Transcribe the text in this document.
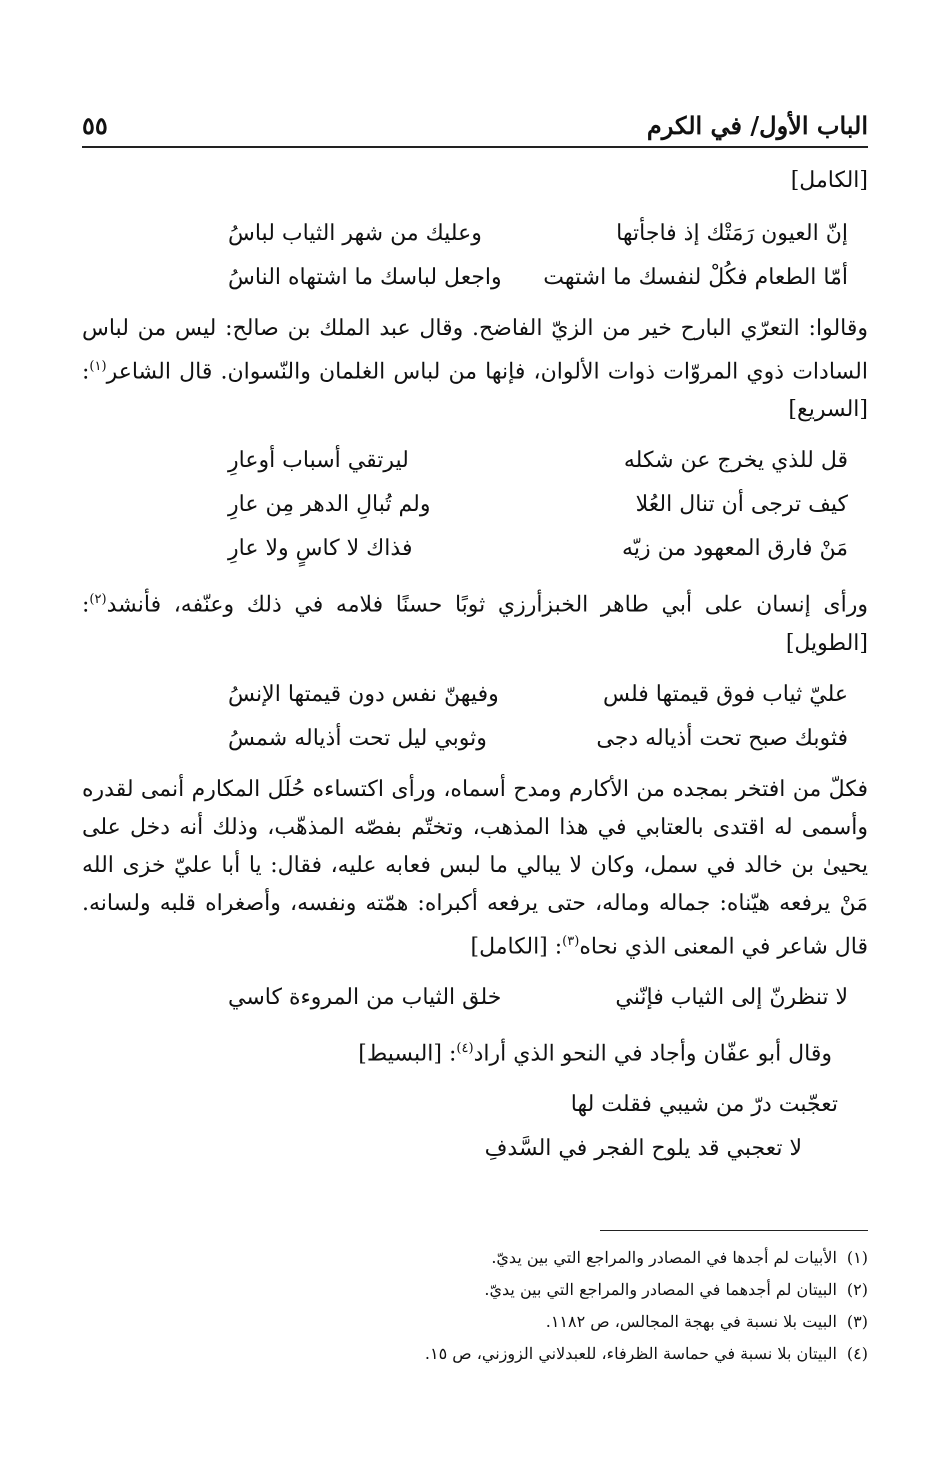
الباب الأول/ في الكرم
٥٥
[الكامل]
إنّ العيون رَمَتْك إذ فاجأتها
وعليك من شهر الثياب لباسُ
أمّا الطعام فكُلْ لنفسك ما اشتهت
واجعل لباسك ما اشتهاه الناسُ
وقالوا: التعرّي البارح خير من الزيّ الفاضح. وقال عبد الملك بن صالح: ليس من لباس السادات ذوي المروّات ذوات الألوان، فإنها من لباس الغلمان والنّسوان. قال الشاعر$^{(١)}$: [السريع]
قل للذي يخرج عن شكله
ليرتقي أسباب أوعارِ
كيف ترجى أن تنال العُلا
ولم تُبالِ الدهر مِن عارِ
مَنْ فارق المعهود من زيّه
فذاك لا كاسٍ ولا عارِ
ورأى إنسان على أبي طاهر الخبزأرزي ثوبًا حسنًا فلامه في ذلك وعنّفه، فأنشد$^{(٢)}$: [الطويل]
عليّ ثياب فوق قيمتها فلس
وفيهنّ نفس دون قيمتها الإنسُ
فثوبك صبح تحت أذياله دجى
وثوبي ليل تحت أذياله شمسُ
فكلّ من افتخر بمجده من الأكارم ومدح أسماه، ورأى اكتساءه حُلَل المكارم أنمى لقدره وأسمى له اقتدى بالعتابي في هذا المذهب، وتختّم بفصّه المذهّب، وذلك أنه دخل على يحيىٰ بن خالد في سمل، وكان لا يبالي ما لبس فعابه عليه، فقال: يا أبا عليّ خزى الله مَنْ يرفعه هيّناه: جماله وماله، حتى يرفعه أكبراه: همّته ونفسه، وأصغراه قلبه ولسانه. قال شاعر في المعنى الذي نحاه$^{(٣)}$: [الكامل]
لا تنظرنّ إلى الثياب فإنّني
خلق الثياب من المروءة كاسي
وقال أبو عفّان وأجاد في النحو الذي أراد$^{(٤)}$: [البسيط]
تعجّبت درّ من شيبي فقلت لها
لا تعجبي قد يلوح الفجر في السَّدفِ
(١)
الأبيات لم أجدها في المصادر والمراجع التي بين يديّ.
(٢)
البيتان لم أجدهما في المصادر والمراجع التي بين يديّ.
(٣)
البيت بلا نسبة في بهجة المجالس، ص ١١٨٢.
(٤)
البيتان بلا نسبة في حماسة الظرفاء، للعبدلاني الزوزني، ص ١٥.
